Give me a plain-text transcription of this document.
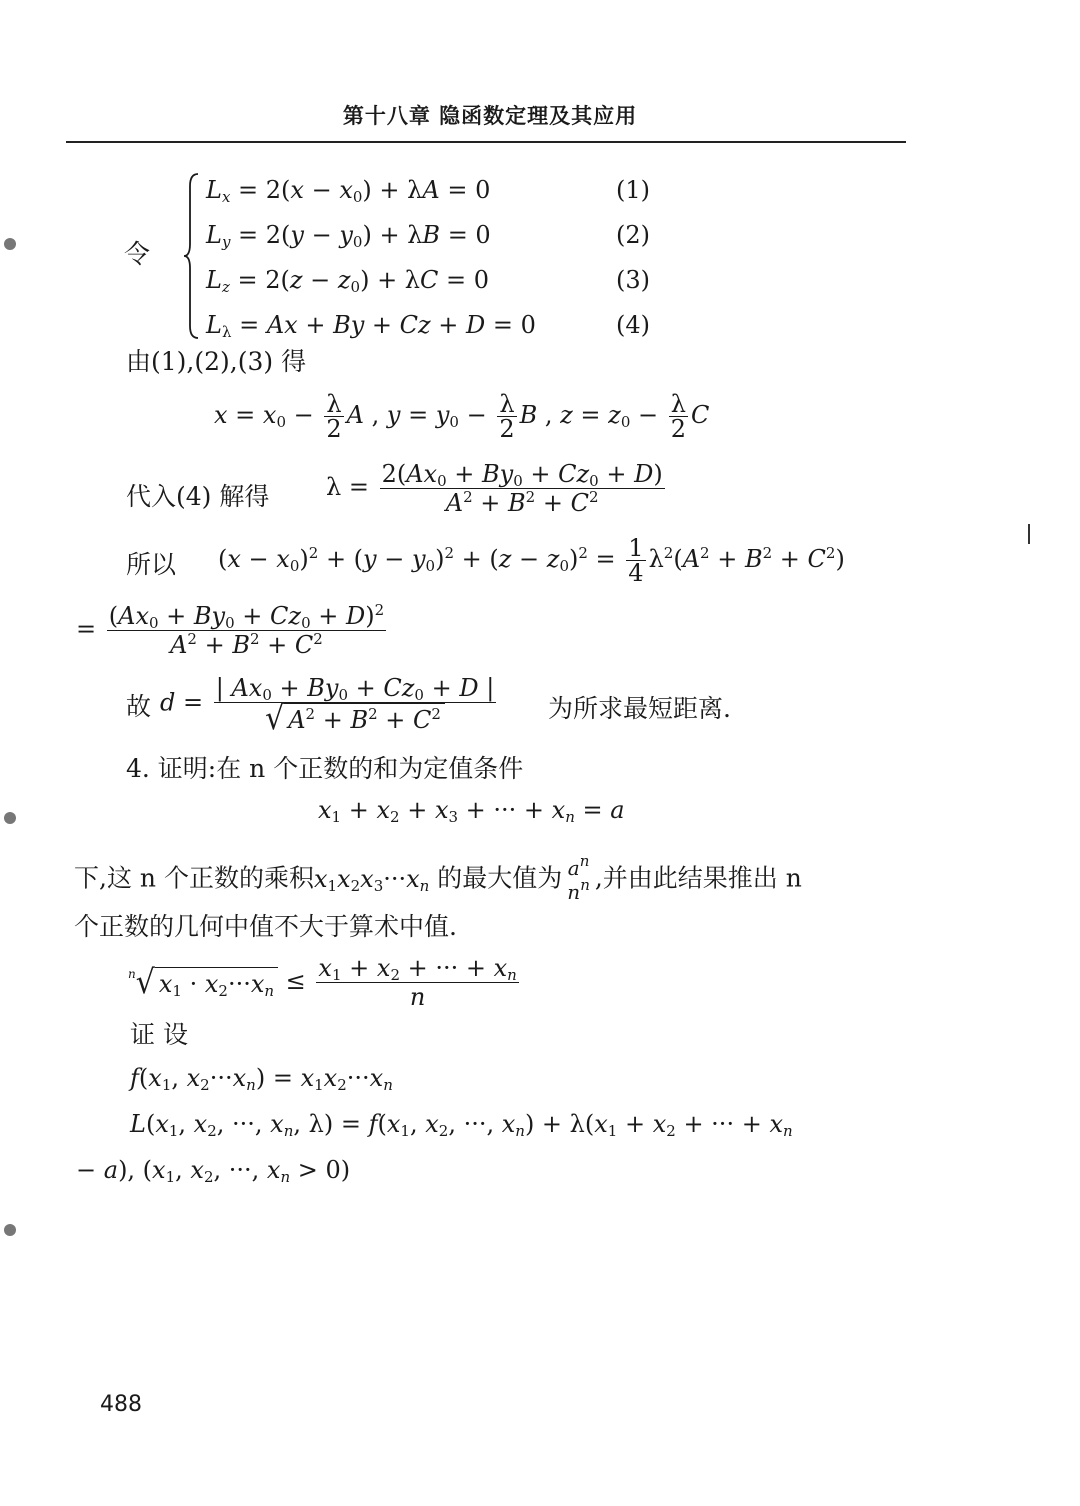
第十八章 隐函数定理及其应用
令
$L_x = 2(x - x_0) + \lambda A = 0$	(1)
$L_y = 2(y - y_0) + \lambda B = 0$	(2)
$L_z = 2(z - z_0) + \lambda C = 0$	(3)
$L_\lambda = Ax + By + Cz + D = 0$	(4)
由(1),(2),(3) 得
$x = x_0 - \frac{\lambda}{2}$ A , $y = y_0 - \frac{\lambda}{2}$ B , $z = z_0 - \frac{\lambda}{2}$ C
代入(4) 解得 $\lambda = \frac{2(Ax_0 + By_0 + Cz_0 + D)}{A^2 + B^2 + C^2}$
所以 $(x - x_0)^2 + (y - y_0)^2 + (z - z_0)^2 = \frac{1}{4} \lambda^2(A^2 + B^2 + C^2)$
= $\frac{(Ax_0 + By_0 + Cz_0 + D)^2}{A^2 + B^2 + C^2}$
故 $d = \frac{| Ax_0 + By_0 + Cz_0 + D |}{√ A^2 + B^2 + C^2}$ 为所求最短距离.
4. 证明:在 n 个正数的和为定值条件
$x_1 + x_2 + x_3$ + ··· + $x_n = a$
下,这 n 个正数的乘积$x_1x_2x_3\cdot\cdot\cdot x_n$ 的最大值为 $a^n$
$n^n$ ,并由此结果推出 n
个正数的几何中值不大于算术中值.
$^n$√ $x_1 \cdot x_2\cdot\cdot\cdot x_n \le \frac{x_1 + x_2 + \cdot\cdot\cdot + x_n}{n}$
证 设
$f(x_1$, $x_2\cdot\cdot\cdot x_n) = x_1x_2\cdot\cdot\cdot x_n$
$L(x_1$, $x_2$, ···, $x_n$, $\lambda) = f(x_1$, $x_2$, ···, $x_n) + \lambda(x_1 + x_2$ + ··· + $x_n$
− a), ($x_1$, $x_2$, ···, $x_n > 0$)
488
